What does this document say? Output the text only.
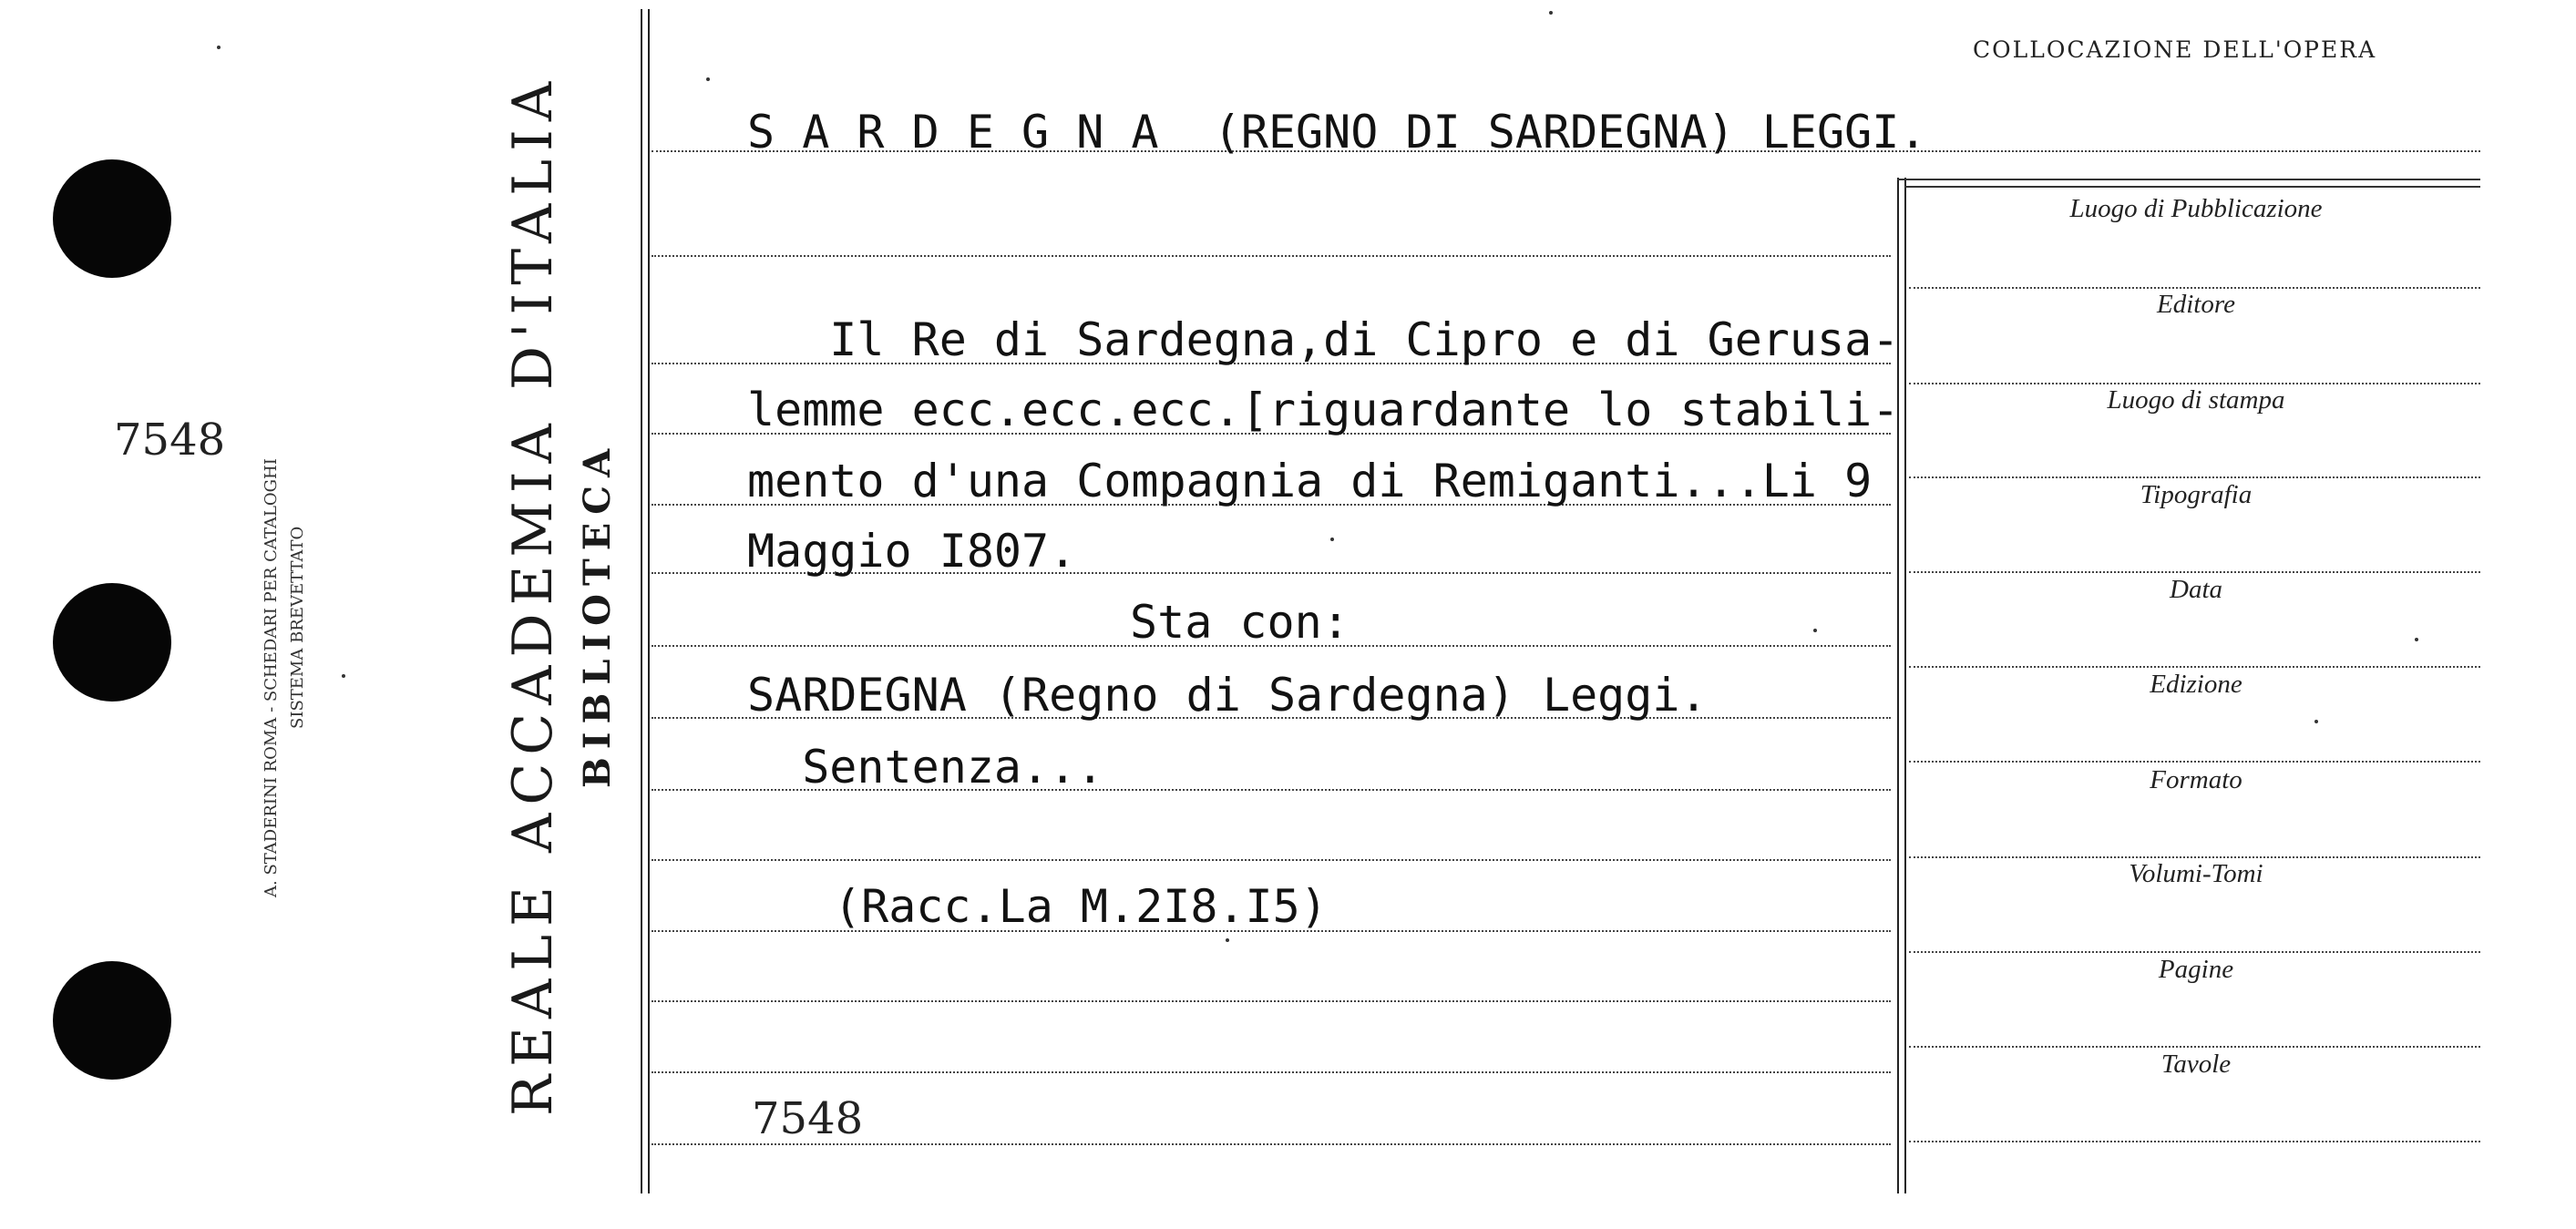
7548
A. STADERINI ROMA - SCHEDARI PER CATALOGHI SISTEMA BREVETTATO	REALE ACCADEMIA D'ITALIA BIBLIOTECA
COLLOCAZIONE DELL'OPERA
Luogo di Pubblicazione
Editore
Luogo di stampa
Tipografia
Data
Edizione
Formato
Volumi-Tomi
Pagine
Tavole
S A R D E G N A  (REGNO DI SARDEGNA) LEGGI.
Il Re di Sardegna,di Cipro e di Gerusa-
lemme ecc.ecc.ecc.[riguardante lo stabili-
mento d'una Compagnia di Remiganti...Li 9
Maggio I807.
Sta con:
SARDEGNA (Regno di Sardegna) Leggi.
Sentenza...
(Racc.La M.2I8.I5)
7548
